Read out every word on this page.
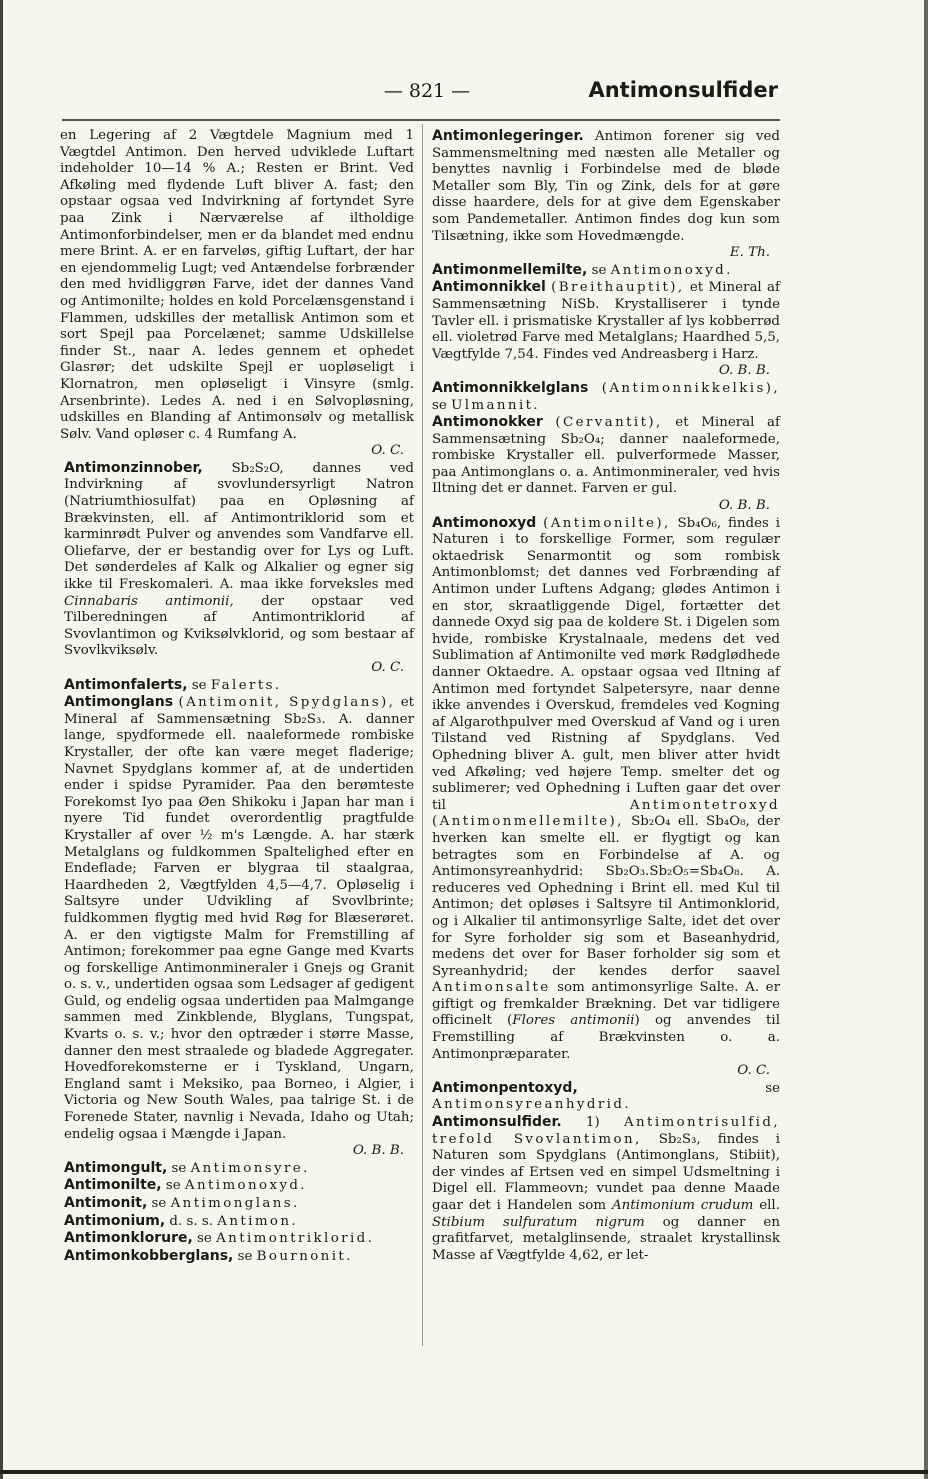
— 821 —	Antimonsulfider

en Legering af 2 Vægtdele Magnium med 1 Vægtdel Antimon. Den herved udviklede Luftart indeholder 10—14 % A.; Resten er Brint. Ved Afkøling med flydende Luft bliver A. fast; den opstaar ogsaa ved Indvirkning af fortyndet Syre paa Zink i Nærværelse af iltholdige Antimonforbindelser, men er da blandet med endnu mere Brint. A. er en farveløs, giftig Luftart, der har en ejendommelig Lugt; ved Antændelse forbrænder den med hvidliggrøn Farve, idet der dannes Vand og Antimonilte; holdes en kold Porcelænsgenstand i Flammen, udskilles der metallisk Antimon som et sort Spejl paa Porcelænet; samme Udskillelse finder St., naar A. ledes gennem et ophedet Glasrør; det udskilte Spejl er uopløseligt i Klornatron, men opløseligt i Vinsyre (smlg. Arsenbrinte). Ledes A. ned i en Sølvopløsning, udskilles en Blanding af Antimonsølv og metallisk Sølv. Vand opløser c. 4 Rumfang A.
O. C.

Antimonzinnober, Sb₂S₂O, dannes ved Indvirkning af svovlundersyrligt Natron (Natriumthiosulfat) paa en Opløsning af Brækvinsten, ell. af Antimontriklorid som et karminrødt Pulver og anvendes som Vandfarve ell. Oliefarve, der er bestandig over for Lys og Luft. Det sønderdeles af Kalk og Alkalier og egner sig ikke til Freskomaleri. A. maa ikke forveksles med Cinnabaris antimonii, der opstaar ved Tilberedningen af Antimontriklorid af Svovlantimon og Kviksølvklorid, og som bestaar af Svovlkviksølv.
O. C.

Antimonfalerts, se Falerts.

Antimonglans (Antimonit, Spydglans), et Mineral af Sammensætning Sb₂S₃. A. danner lange, spydformede ell. naaleformede rombiske Krystaller, der ofte kan være meget fladerige; Navnet Spydglans kommer af, at de undertiden ender i spidse Pyramider. Paa den berømteste Forekomst Iyo paa Øen Shikoku i Japan har man i nyere Tid fundet overordentlig pragtfulde Krystaller af over ½ m's Længde. A. har stærk Metalglans og fuldkommen Spaltelighed efter en Endeflade; Farven er blygraa til staalgraa, Haardheden 2, Vægtfylden 4,5—4,7. Opløselig i Saltsyre under Udvikling af Svovlbrinte; fuldkommen flygtig med hvid Røg for Blæserøret. A. er den vigtigste Malm for Fremstilling af Antimon; forekommer paa egne Gange med Kvarts og forskellige Antimonmineraler i Gnejs og Granit o. s. v., undertiden ogsaa som Ledsager af gedigent Guld, og endelig ogsaa undertiden paa Malmgange sammen med Zinkblende, Blyglans, Tungspat, Kvarts o. s. v.; hvor den optræder i større Masse, danner den mest straalede og bladede Aggregater. Hovedforekomsterne er i Tyskland, Ungarn, England samt i Meksiko, paa Borneo, i Algier, i Victoria og New South Wales, paa talrige St. i de Forenede Stater, navnlig i Nevada, Idaho og Utah; endelig ogsaa i Mængde i Japan.
O. B. B.

Antimongult, se Antimonsyre.

Antimonilte, se Antimonoxyd.

Antimonit, se Antimonglans.

Antimonium, d. s. s. Antimon.

Antimonklorure, se Antimontriklorid.

Antimonkobberglans, se Bournonit.

Antimonlegeringer. Antimon forener sig ved Sammensmeltning med næsten alle Metaller og benyttes navnlig i Forbindelse med de bløde Metaller som Bly, Tin og Zink, dels for at gøre disse haardere, dels for at give dem Egenskaber som Pandemetaller. Antimon findes dog kun som Tilsætning, ikke som Hovedmængde.
E. Th.

Antimonmellemilte, se Antimonoxyd.

Antimonnikkel (Breithauptit), et Mineral af Sammensætning NiSb. Krystalliserer i tynde Tavler ell. i prismatiske Krystaller af lys kobberrød ell. violetrød Farve med Metalglans; Haardhed 5,5, Vægtfylde 7,54. Findes ved Andreasberg i Harz.
O. B. B.

Antimonnikkelglans (Antimonnikkelkis), se Ulmannit.

Antimonokker (Cervantit), et Mineral af Sammensætning Sb₂O₄; danner naaleformede, rombiske Krystaller ell. pulverformede Masser, paa Antimonglans o. a. Antimonmineraler, ved hvis Iltning det er dannet. Farven er gul.
O. B. B.

Antimonoxyd (Antimonilte), Sb₄O₆, findes i Naturen i to forskellige Former, som regulær oktaedrisk Senarmontit og som rombisk Antimonblomst; det dannes ved Forbrænding af Antimon under Luftens Adgang; glødes Antimon i en stor, skraatliggende Digel, fortætter det dannede Oxyd sig paa de koldere St. i Digelen som hvide, rombiske Krystalnaale, medens det ved Sublimation af Antimonilte ved mørk Rødglødhede danner Oktaedre. A. opstaar ogsaa ved Iltning af Antimon med fortyndet Salpetersyre, naar denne ikke anvendes i Overskud, fremdeles ved Kogning af Algarothpulver med Overskud af Vand og i uren Tilstand ved Ristning af Spydglans. Ved Ophedning bliver A. gult, men bliver atter hvidt ved Afkøling; ved højere Temp. smelter det og sublimerer; ved Ophedning i Luften gaar det over til Antimontetroxyd (Antimonmellemilte), Sb₂O₄ ell. Sb₄O₈, der hverken kan smelte ell. er flygtigt og kan betragtes som en Forbindelse af A. og Antimonsyreanhydrid: Sb₂O₃.Sb₂O₅=Sb₄O₈. A. reduceres ved Ophedning i Brint ell. med Kul til Antimon; det opløses i Saltsyre til Antimonklorid, og i Alkalier til antimonsyrlige Salte, idet det over for Syre forholder sig som et Baseanhydrid, medens det over for Baser forholder sig som et Syreanhydrid; der kendes derfor saavel Antimonsalte som antimonsyrlige Salte. A. er giftigt og fremkalder Brækning. Det var tidligere officinelt (Flores antimonii) og anvendes til Fremstilling af Brækvinsten o. a. Antimonpræparater.
O. C.

Antimonpentoxyd, se Antimonsyreanhydrid.

Antimonsulfider. 1) Antimontrisulfid, trefold Svovlantimon, Sb₂S₃, findes i Naturen som Spydglans (Antimonglans, Stibiit), der vindes af Ertsen ved en simpel Udsmeltning i Digel ell. Flammeovn; vundet paa denne Maade gaar det i Handelen som Antimonium crudum ell. Stibium sulfuratum nigrum og danner en grafitfarvet, metalglinsende, straalet krystallinsk Masse af Vægtfylde 4,62, er let-
